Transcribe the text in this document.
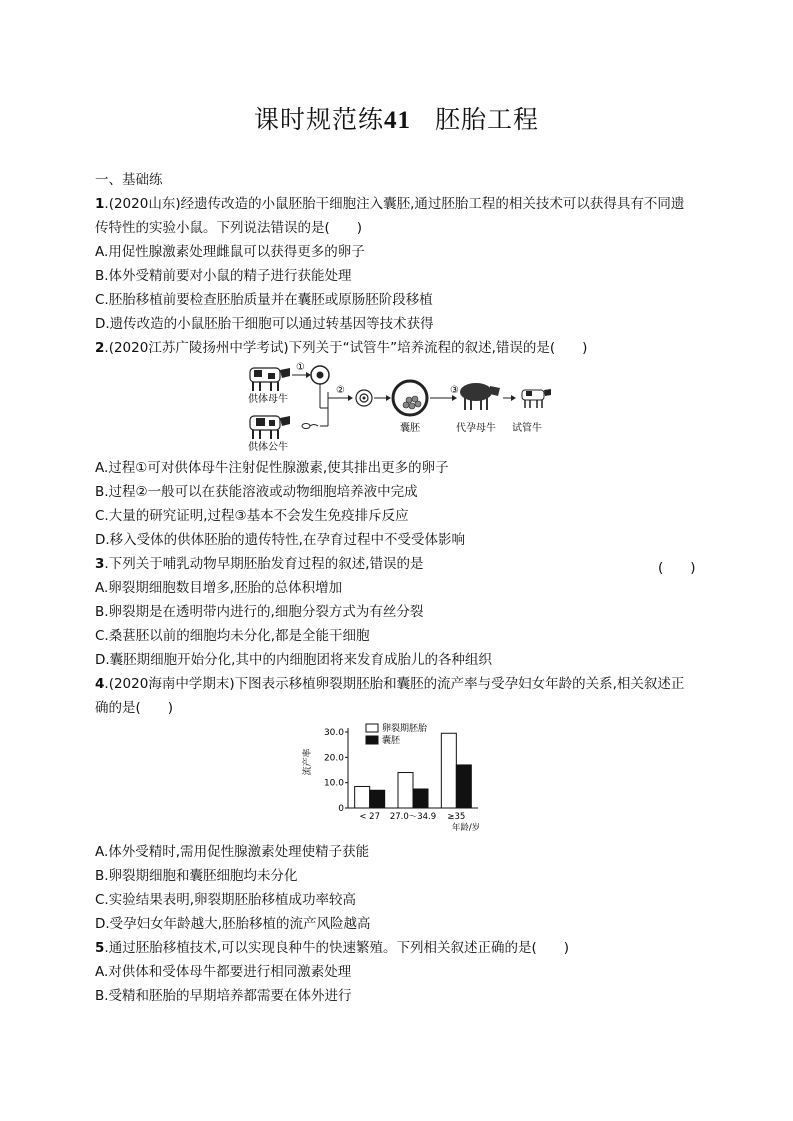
课时规范练41 胚胎工程
一、基础练
1.(2020山东)经遗传改造的小鼠胚胎干细胞注入囊胚,通过胚胎工程的相关技术可以获得具有不同遗
传特性的实验小鼠。下列说法错误的是(　　)
A.用促性腺激素处理雌鼠可以获得更多的卵子
B.体外受精前要对小鼠的精子进行获能处理
C.胚胎移植前要检查胚胎质量并在囊胚或原肠胚阶段移植
D.遗传改造的小鼠胚胎干细胞可以通过转基因等技术获得
2.(2020江苏广陵扬州中学考试)下列关于“试管牛”培养流程的叙述,错误的是(　　)
供体母牛
①
②
供体公牛
囊胚
③
代孕母牛 试管牛
A.过程①可对供体母牛注射促性腺激素,使其排出更多的卵子
B.过程②一般可以在获能溶液或动物细胞培养液中完成
C.大量的研究证明,过程③基本不会发生免疫排斥反应
D.移入受体的供体胚胎的遗传特性,在孕育过程中不受受体影响
3.下列关于哺乳动物早期胚胎发育过程的叙述,错误的是	(　　)
A.卵裂期细胞数目增多,胚胎的总体积增加
B.卵裂期是在透明带内进行的,细胞分裂方式为有丝分裂
C.桑葚胚以前的细胞均未分化,都是全能干细胞
D.囊胚期细胞开始分化,其中的内细胞团将来发育成胎儿的各种组织
4.(2020海南中学期末)下图表示移植卵裂期胚胎和囊胚的流产率与受孕妇女年龄的关系,相关叙述正
确的是(　　)
0
10.0
20.0
30.0
流产率
< 27 27.0～34.9 ≥35
年龄/岁
卵裂期胚胎
囊胚
A.体外受精时,需用促性腺激素处理使精子获能
B.卵裂期细胞和囊胚细胞均未分化
C.实验结果表明,卵裂期胚胎移植成功率较高
D.受孕妇女年龄越大,胚胎移植的流产风险越高
5.通过胚胎移植技术,可以实现良种牛的快速繁殖。下列相关叙述正确的是(　　)
A.对供体和受体母牛都要进行相同激素处理
B.受精和胚胎的早期培养都需要在体外进行
